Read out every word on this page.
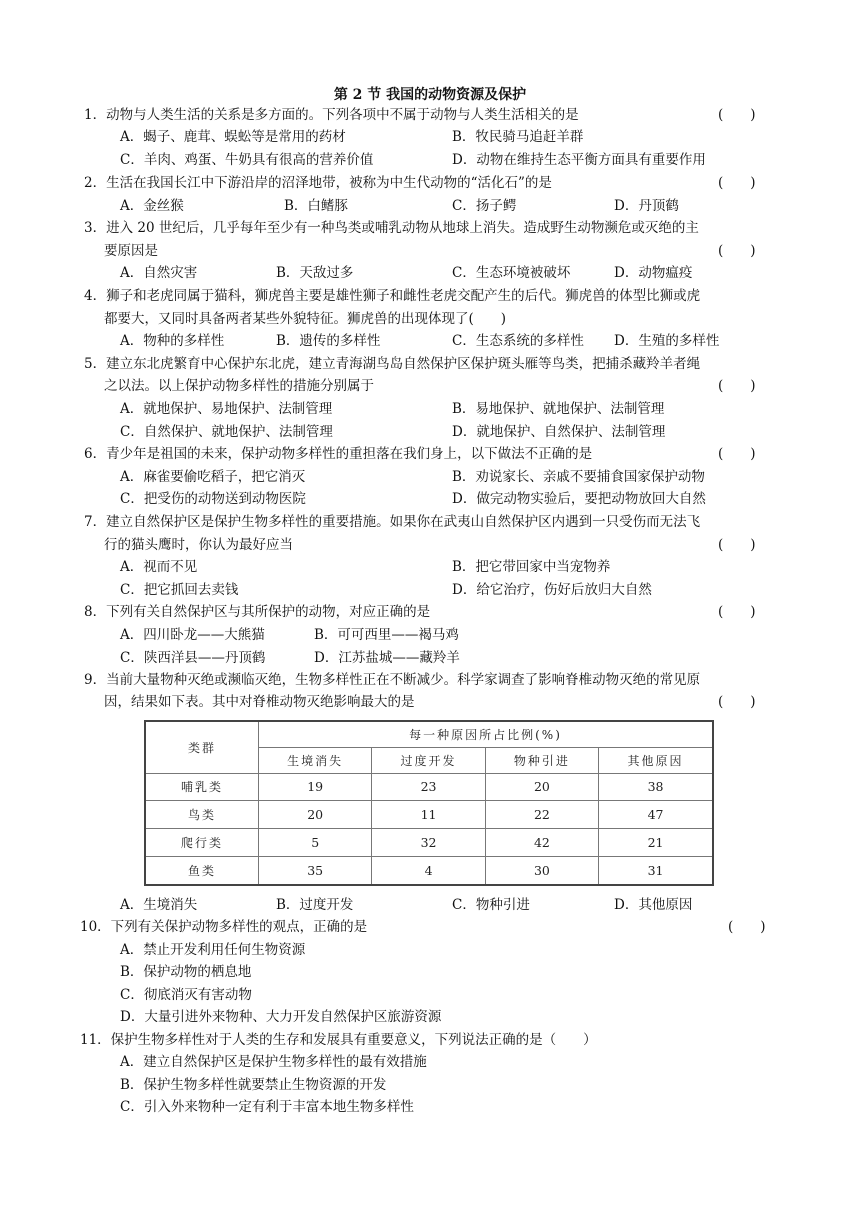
第 2 节 我国的动物资源及保护
1．动物与人类生活的关系是多方面的。下列各项中不属于动物与人类生活相关的是	(　　)
A．蝎子、鹿茸、蜈蚣等是常用的药材	B．牧民骑马追赶羊群
C．羊肉、鸡蛋、牛奶具有很高的营养价值	D．动物在维持生态平衡方面具有重要作用
2．生活在我国长江中下游沿岸的沼泽地带，被称为中生代动物的“活化石”的是	(　　)
A．金丝猴	B．白鳍豚	C．扬子鳄	D．丹顶鹤
3．进入 20 世纪后，几乎每年至少有一种鸟类或哺乳动物从地球上消失。造成野生动物濒危或灭绝的主
要原因是	(　　)
A．自然灾害	B．天敌过多	C．生态环境被破坏	D．动物瘟疫
4．狮子和老虎同属于猫科，狮虎兽主要是雄性狮子和雌性老虎交配产生的后代。狮虎兽的体型比狮或虎
都要大，又同时具备两者某些外貌特征。狮虎兽的出现体现了(　　)
A．物种的多样性	B．遗传的多样性	C．生态系统的多样性 D．生殖的多样性
5．建立东北虎繁育中心保护东北虎，建立青海湖鸟岛自然保护区保护斑头雁等鸟类，把捕杀藏羚羊者绳
之以法。以上保护动物多样性的措施分别属于	(　　)
A．就地保护、易地保护、法制管理	B．易地保护、就地保护、法制管理
C．自然保护、就地保护、法制管理	D．就地保护、自然保护、法制管理
6．青少年是祖国的未来，保护动物多样性的重担落在我们身上，以下做法不正确的是	(　　)
A．麻雀要偷吃稻子，把它消灭	B．劝说家长、亲戚不要捕食国家保护动物
C．把受伤的动物送到动物医院	D．做完动物实验后，要把动物放回大自然
7．建立自然保护区是保护生物多样性的重要措施。如果你在武夷山自然保护区内遇到一只受伤而无法飞
行的猫头鹰时，你认为最好应当	(　　)
A．视而不见	B．把它带回家中当宠物养
C．把它抓回去卖钱	D．给它治疗，伤好后放归大自然
8．下列有关自然保护区与其所保护的动物，对应正确的是	(　　)
A．四川卧龙——大熊猫	B．可可西里——褐马鸡
C．陕西洋县——丹顶鹤	D．江苏盐城——藏羚羊
9．当前大量物种灭绝或濒临灭绝，生物多样性正在不断减少。科学家调查了影响脊椎动物灭绝的常见原
因，结果如下表。其中对脊椎动物灭绝影响最大的是	(　　)
类群	每一种原因所占比例(%)			
	生境消失	过度开发	物种引进	其他原因
哺乳类	19	23	20	38
鸟类	20	11	22	47
爬行类	5	32	42	21
鱼类	35	4	30	31
A．生境消失	B．过度开发	C．物种引进	D．其他原因
10．下列有关保护动物多样性的观点，正确的是	(　　)
A．禁止开发利用任何生物资源
B．保护动物的栖息地
C．彻底消灭有害动物
D．大量引进外来物种、大力开发自然保护区旅游资源
11．保护生物多样性对于人类的生存和发展具有重要意义，下列说法正确的是（　　）
A．建立自然保护区是保护生物多样性的最有效措施
B．保护生物多样性就要禁止生物资源的开发
C．引入外来物种一定有利于丰富本地生物多样性
